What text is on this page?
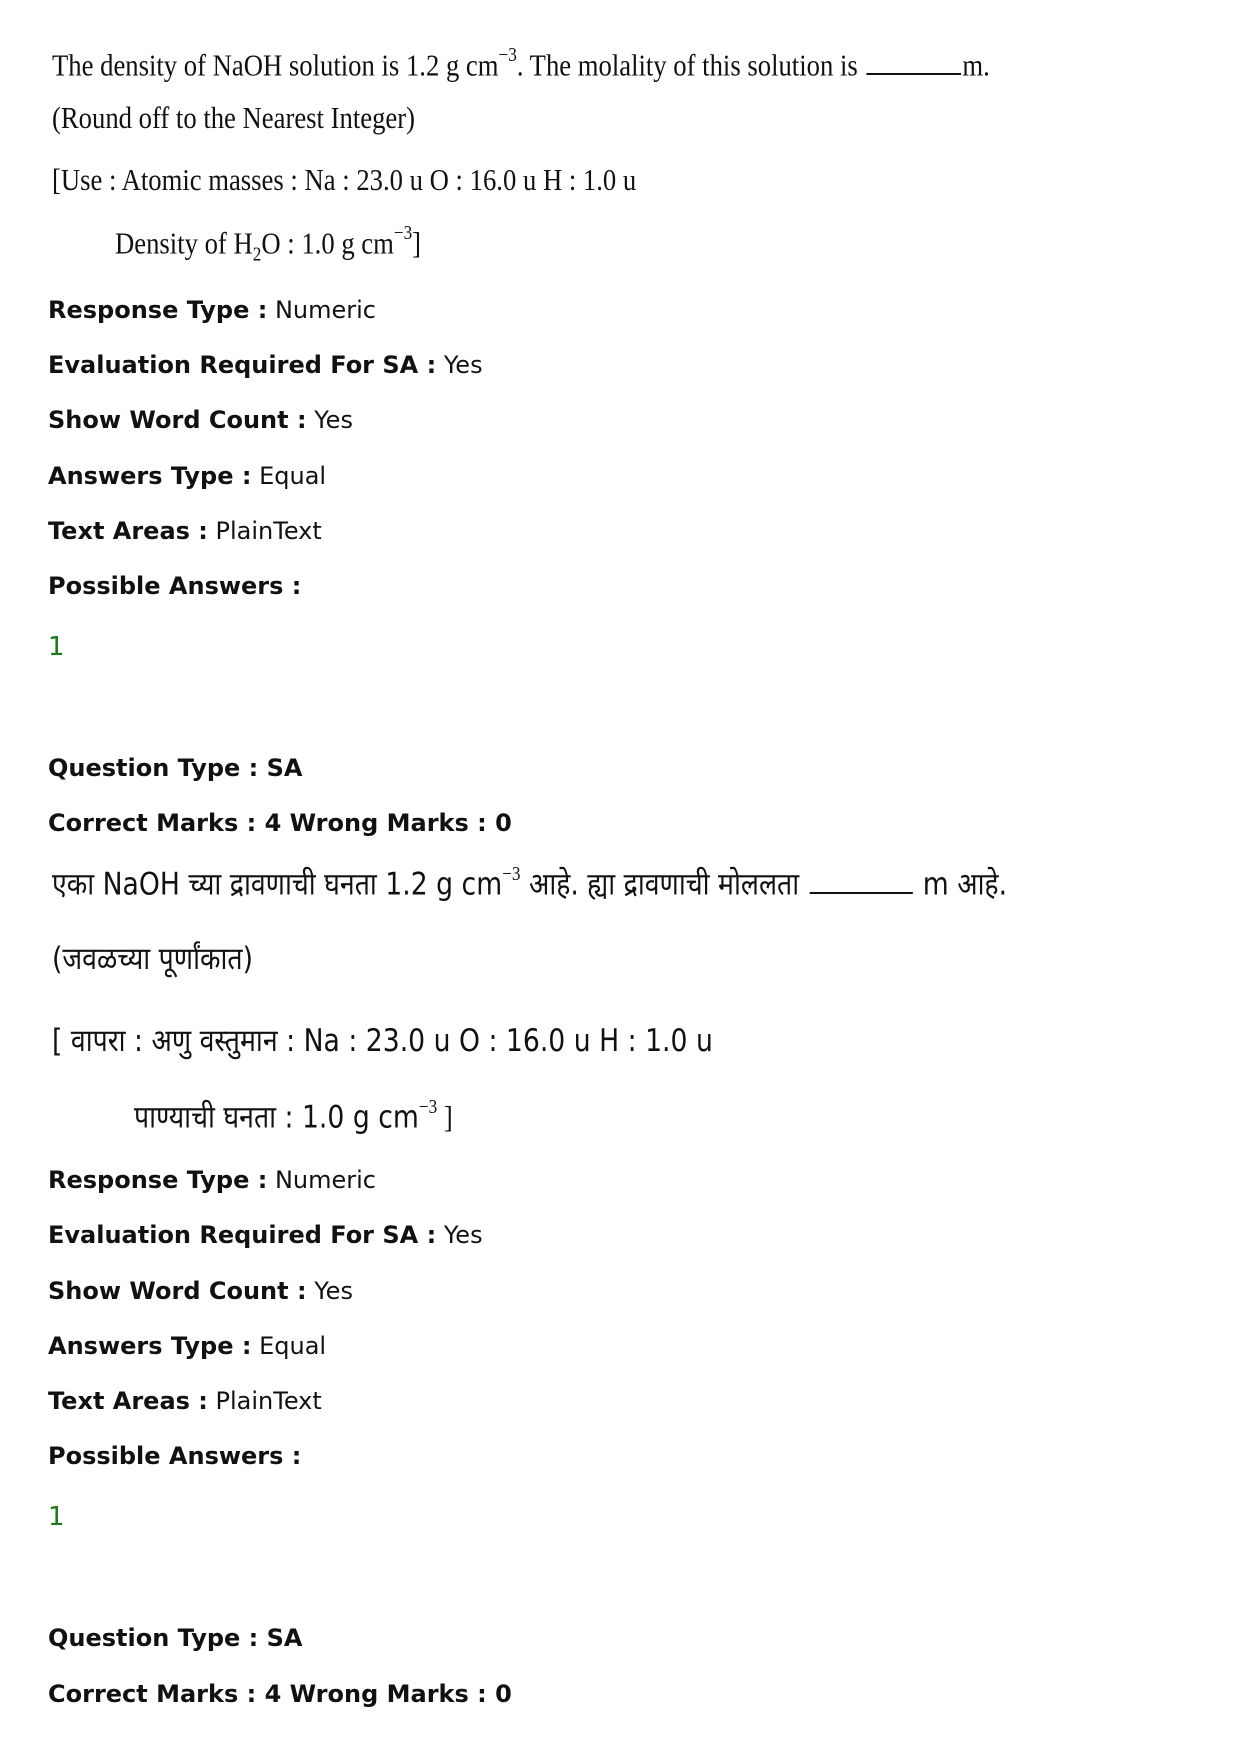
The density of NaOH solution is 1.2 g $cm^{-3}$. The molality of this solution is	m.
(Round off to the Nearest Integer)
[Use : Atomic masses : Na : 23.0 u O : 16.0 u H : 1.0 u
Density of $H_2O$ : 1.0 g $cm^{-3}$]
Response Type : Numeric
Evaluation Required For SA : Yes
Show Word Count : Yes
Answers Type : Equal
Text Areas : PlainText
Possible Answers :
1
Question Type : SA
Correct Marks : 4 Wrong Marks : 0
एका NaOH च्या द्रावणाची घनता 1.2 g $cm^{-3}$ आहे. ह्या द्रावणाची मोललता	m आहे.
(जवळच्या पूर्णांकात)
[ वापरा : अणु वस्तुमान : Na : 23.0 u O : 16.0 u H : 1.0 u
पाण्याची घनता : 1.0 g $cm^{-3}$ ]
Response Type : Numeric
Evaluation Required For SA : Yes
Show Word Count : Yes
Answers Type : Equal
Text Areas : PlainText
Possible Answers :
1
Question Type : SA
Correct Marks : 4 Wrong Marks : 0
